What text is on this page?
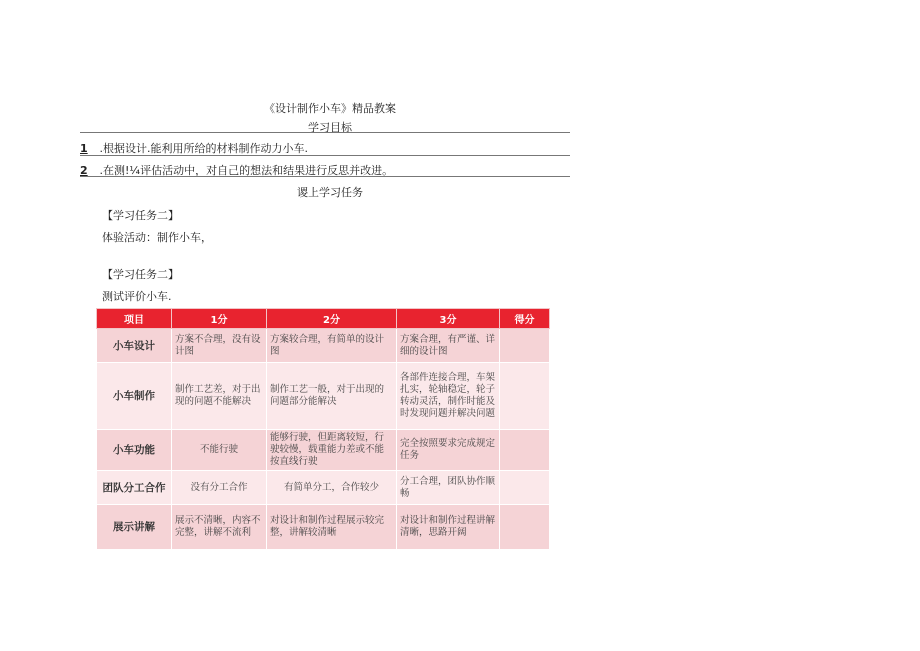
《设计制作小车》精品教案
学习目标
1 .根据设计.能利用所给的材料制作动力小车.
2 .在测!¼评估活动中，对自己的想法和结果进行反思并改进。
谡上学习任务
【学习任务二】
体验活动：制作小车，
【学习任务二】
测试评价小车.
项目	1分	2分	3分	得分
小车设计	方案不合理，没有设计图	方案较合理，有简单的设计图	方案合理，有严谨、详细的设计图	
小车制作	制作工艺差，对于出现的问题不能解决	制作工艺一般，对于出现的问题部分能解决	各部件连接合理，车架扎实，轮轴稳定，轮子转动灵活，制作时能及时发现问题并解决问题	
小车功能	不能行驶	能够行驶，但距离较短，行驶较慢，载重能力差或不能按直线行驶	完全按照要求完成规定任务	
团队分工合作	没有分工合作	有简单分工，合作较少	分工合理，团队协作顺畅	
展示讲解	展示不清晰，内容不完整，讲解不流利	对设计和制作过程展示较完整，讲解较清晰	对设计和制作过程讲解清晰，思路开阔	
